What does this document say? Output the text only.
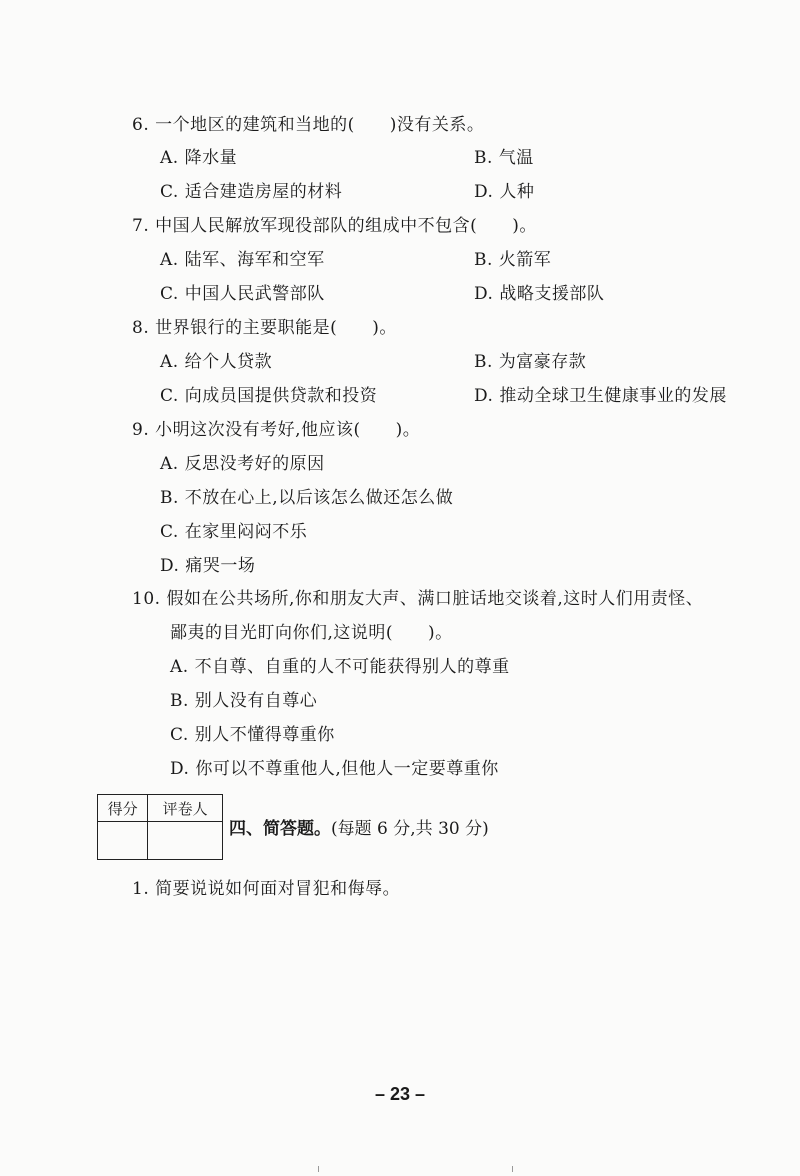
6. 一个地区的建筑和当地的(　　)没有关系。
A. 降水量	B. 气温
C. 适合建造房屋的材料	D. 人种
7. 中国人民解放军现役部队的组成中不包含(　　)。
A. 陆军、海军和空军	B. 火箭军
C. 中国人民武警部队	D. 战略支援部队
8. 世界银行的主要职能是(　　)。
A. 给个人贷款	B. 为富豪存款
C. 向成员国提供贷款和投资	D. 推动全球卫生健康事业的发展
9. 小明这次没有考好,他应该(　　)。
A. 反思没考好的原因
B. 不放在心上,以后该怎么做还怎么做
C. 在家里闷闷不乐
D. 痛哭一场
10. 假如在公共场所,你和朋友大声、满口脏话地交谈着,这时人们用责怪、
鄙夷的目光盯向你们,这说明(　　)。
A. 不自尊、自重的人不可能获得别人的尊重
B. 别人没有自尊心
C. 别人不懂得尊重你
D. 你可以不尊重他人,但他人一定要尊重你
得分	评卷人

四、简答题。(每题 6 分,共 30 分)
1. 简要说说如何面对冒犯和侮辱。
– 23 –
